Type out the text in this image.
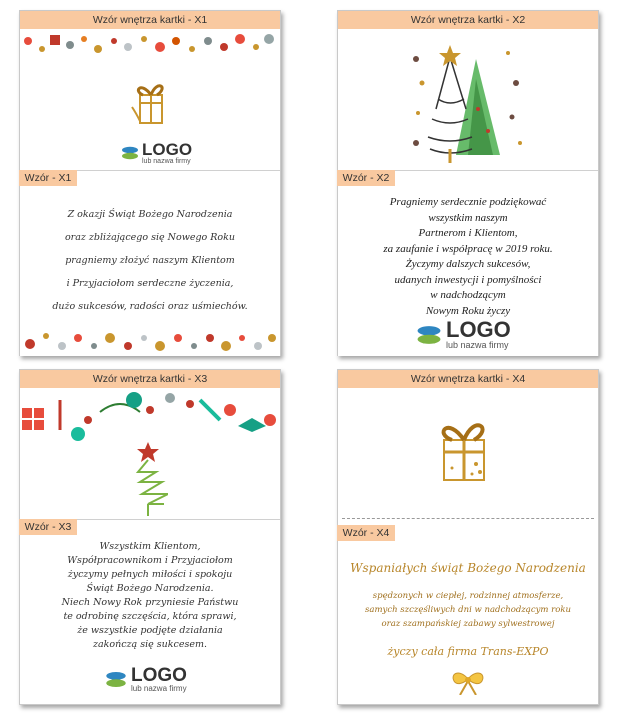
Wzór wnętrza kartki - X1
LOGO
lub nazwa firmy
Wzór - X1
Z okazji Świąt Bożego Narodzenia
oraz zbliżającego się Nowego Roku
pragniemy złożyć naszym Klientom
i Przyjaciołom serdeczne życzenia,
dużo sukcesów, radości oraz uśmiechów.
Wzór wnętrza kartki - X2
Wzór - X2
Pragniemy serdecznie podziękować
wszystkim naszym
Partnerom i Klientom,
za zaufanie i współpracę w 2019 roku.
Życzymy dalszych sukcesów,
udanych inwestycji i pomyślności
w nadchodzącym
Nowym Roku życzy
LOGO
lub nazwa firmy
Wzór wnętrza kartki - X3
Wzór - X3
Wszystkim Klientom,
Współpracownikom i Przyjaciołom
życzymy pełnych miłości i spokoju
Świąt Bożego Narodzenia.
Niech Nowy Rok przyniesie Państwu
te odrobinę szczęścia, która sprawi,
że wszystkie podjęte działania
zakończą się sukcesem.
LOGO
lub nazwa firmy
Wzór wnętrza kartki - X4
Wzór - X4
Wspaniałych świąt Bożego Narodzenia
spędzonych w ciepłej, rodzinnej atmosferze,
samych szczęśliwych dni w nadchodzącym roku
oraz szampańskiej zabawy sylwestrowej
życzy cała firma Trans-EXPO
